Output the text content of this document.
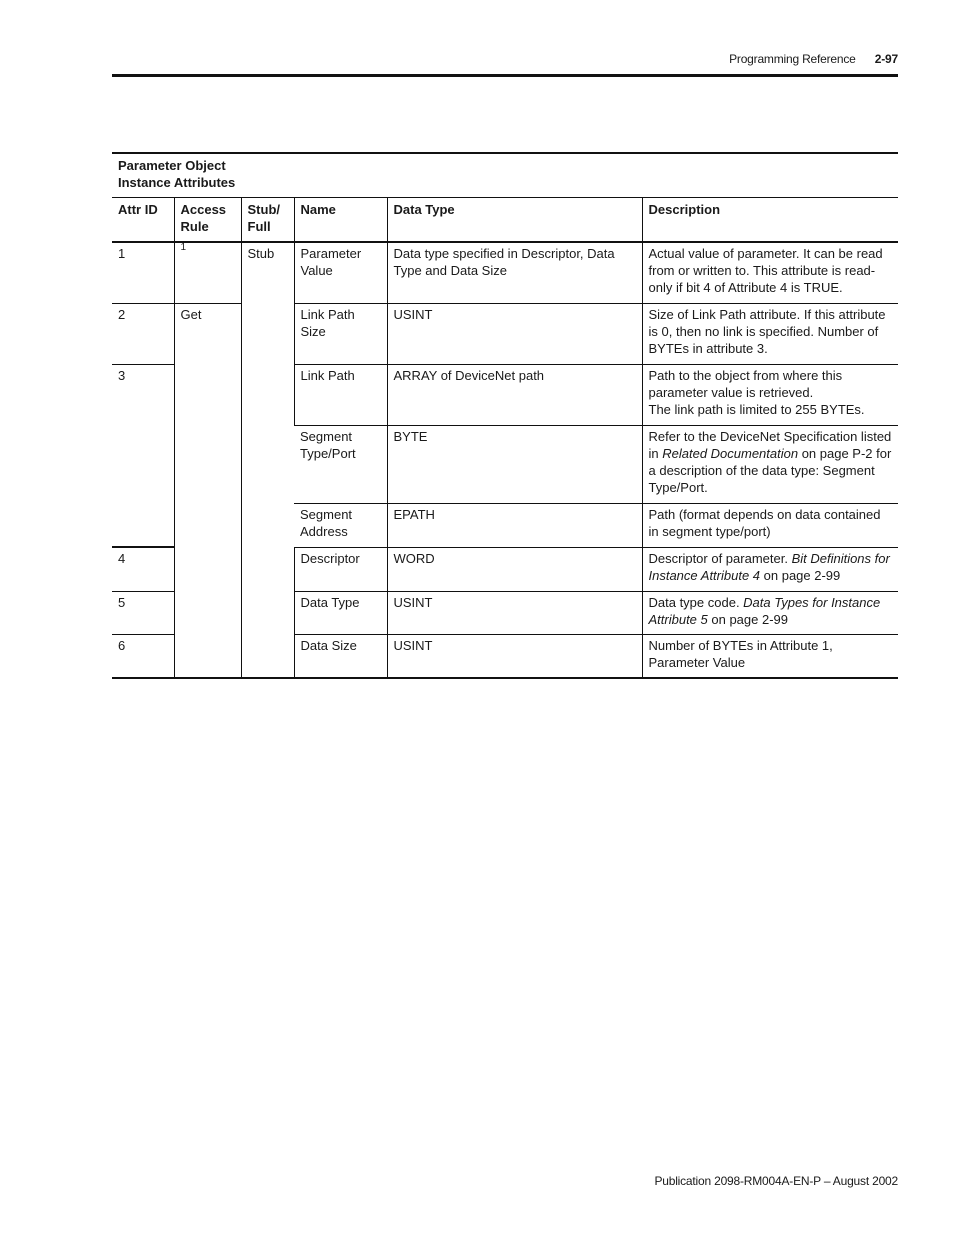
Programming Reference 2-97
Parameter Object
Instance Attributes
Attr ID	Access Rule	Stub/ Full	Name	Data Type	Description
1	$^1$	Stub	Parameter Value	Data type specified in Descriptor, Data Type and Data Size	Actual value of parameter. It can be read from or written to. This attribute is read-only if bit 4 of Attribute 4 is TRUE.
2	Get		Link Path Size	USINT	Size of Link Path attribute. If this attribute is 0, then no link is specified. Number of BYTEs in attribute 3.
3			Link Path	ARRAY of DeviceNet path	Path to the object from where this parameter value is retrieved.
The link path is limited to 255 BYTEs.

			Segment Type/Port	BYTE	Refer to the DeviceNet Specification listed in Related Documentation on page P-2 for a description of the data type: Segment Type/Port.
			Segment Address	EPATH	Path (format depends on data contained in segment type/port)
4			Descriptor	WORD	Descriptor of parameter. Bit Definitions for Instance Attribute 4 on page 2-99
5			Data Type	USINT	Data type code. Data Types for Instance Attribute 5 on page 2-99
6			Data Size	USINT	Number of BYTEs in Attribute 1, Parameter Value
Publication 2098-RM004A-EN-P – August 2002
